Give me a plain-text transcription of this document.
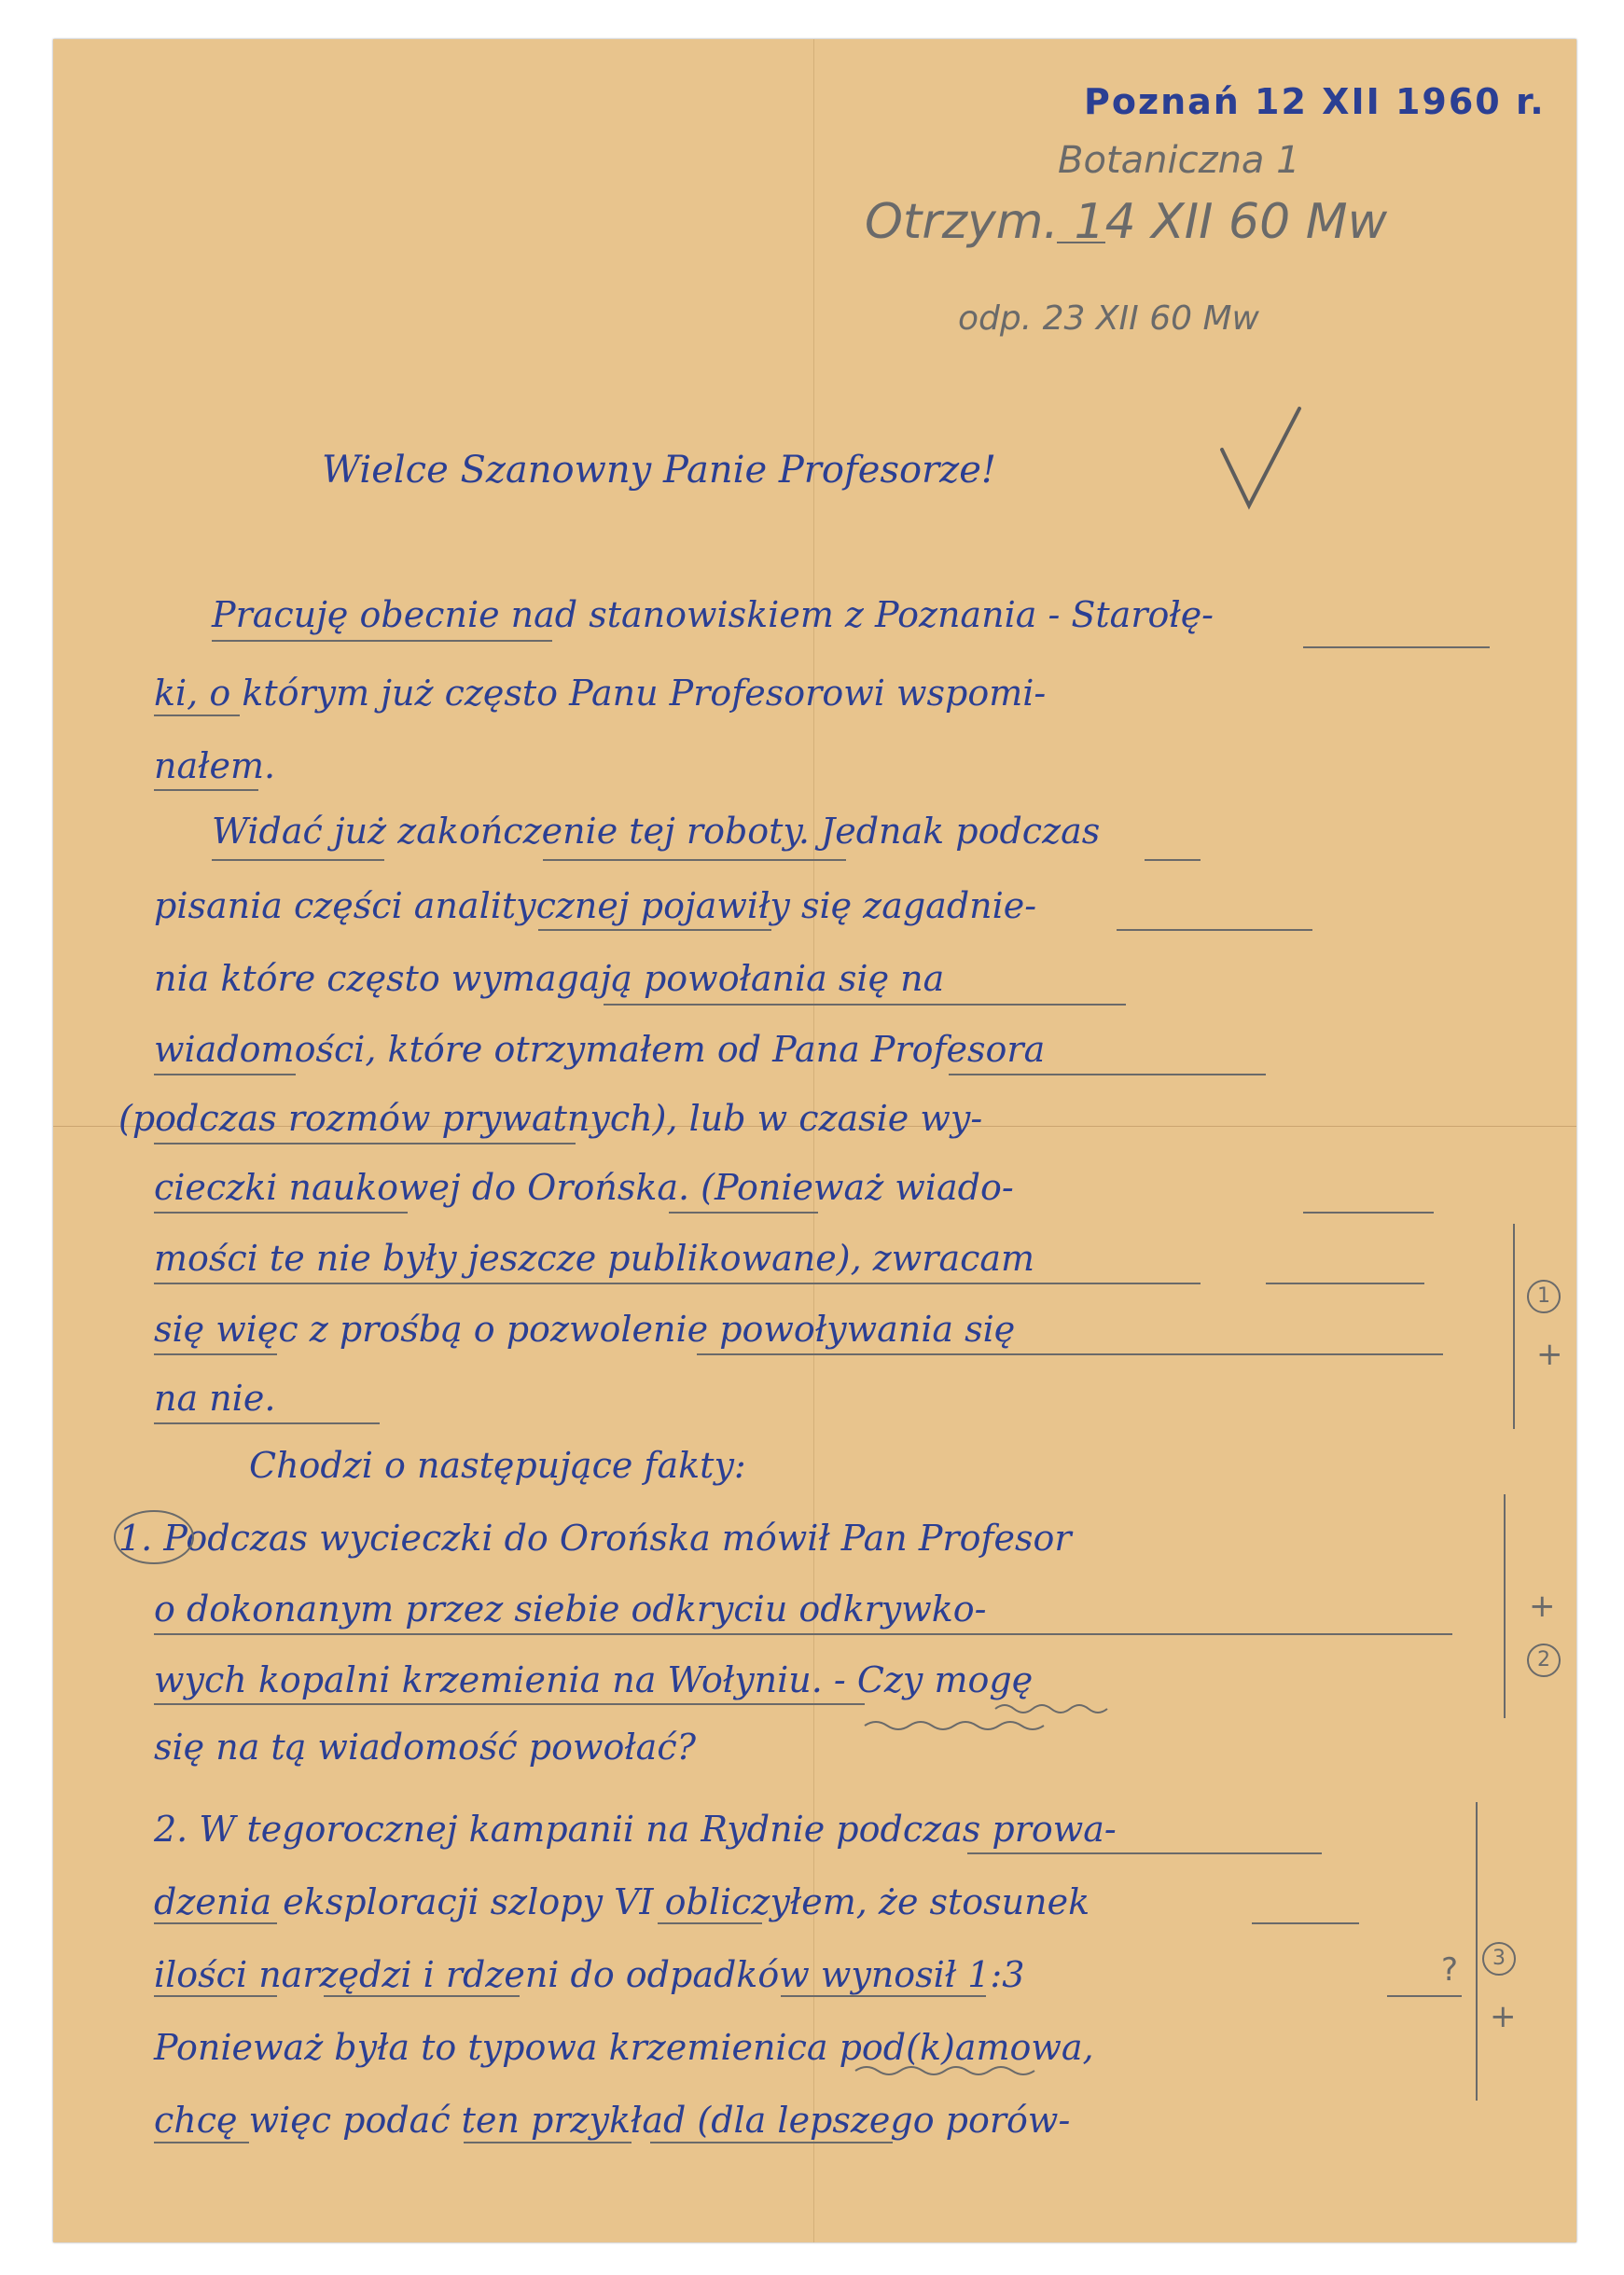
Poznań 12 XII 1960 r.
Botaniczna 1
Otrzym. 14 XII 60 Mw
odp. 23 XII 60 Mw
Wielce Szanowny Panie Profesorze!
Pracuję obecnie nad stanowiskiem z Poznania - Starołę-
ki, o którym już często Panu Profesorowi wspomi-
nałem.
Widać już zakończenie tej roboty. Jednak podczas
pisania części analitycznej pojawiły się zagadnie-
nia które często wymagają powołania się na
wiadomości, które otrzymałem od Pana Profesora
(podczas rozmów prywatnych), lub w czasie wy-
cieczki naukowej do Orońska. (Ponieważ wiado-
mości te nie były jeszcze publikowane), zwracam
się więc z prośbą o pozwolenie powoływania się
na nie.
Chodzi o następujące fakty:
1. Podczas wycieczki do Orońska mówił Pan Profesor
o dokonanym przez siebie odkryciu odkrywko-
wych kopalni krzemienia na Wołyniu. - Czy mogę
się na tą wiadomość powołać?
2. W tegorocznej kampanii na Rydnie podczas prowa-
dzenia eksploracji szlopy VI obliczyłem, że stosunek
ilości narzędzi i rdzeni do odpadków wynosił 1:3
Ponieważ była to typowa krzemienica pod(k)amowa,
chcę więc podać ten przykład (dla lepszego porów-
1
+
+
2
?	3
+
